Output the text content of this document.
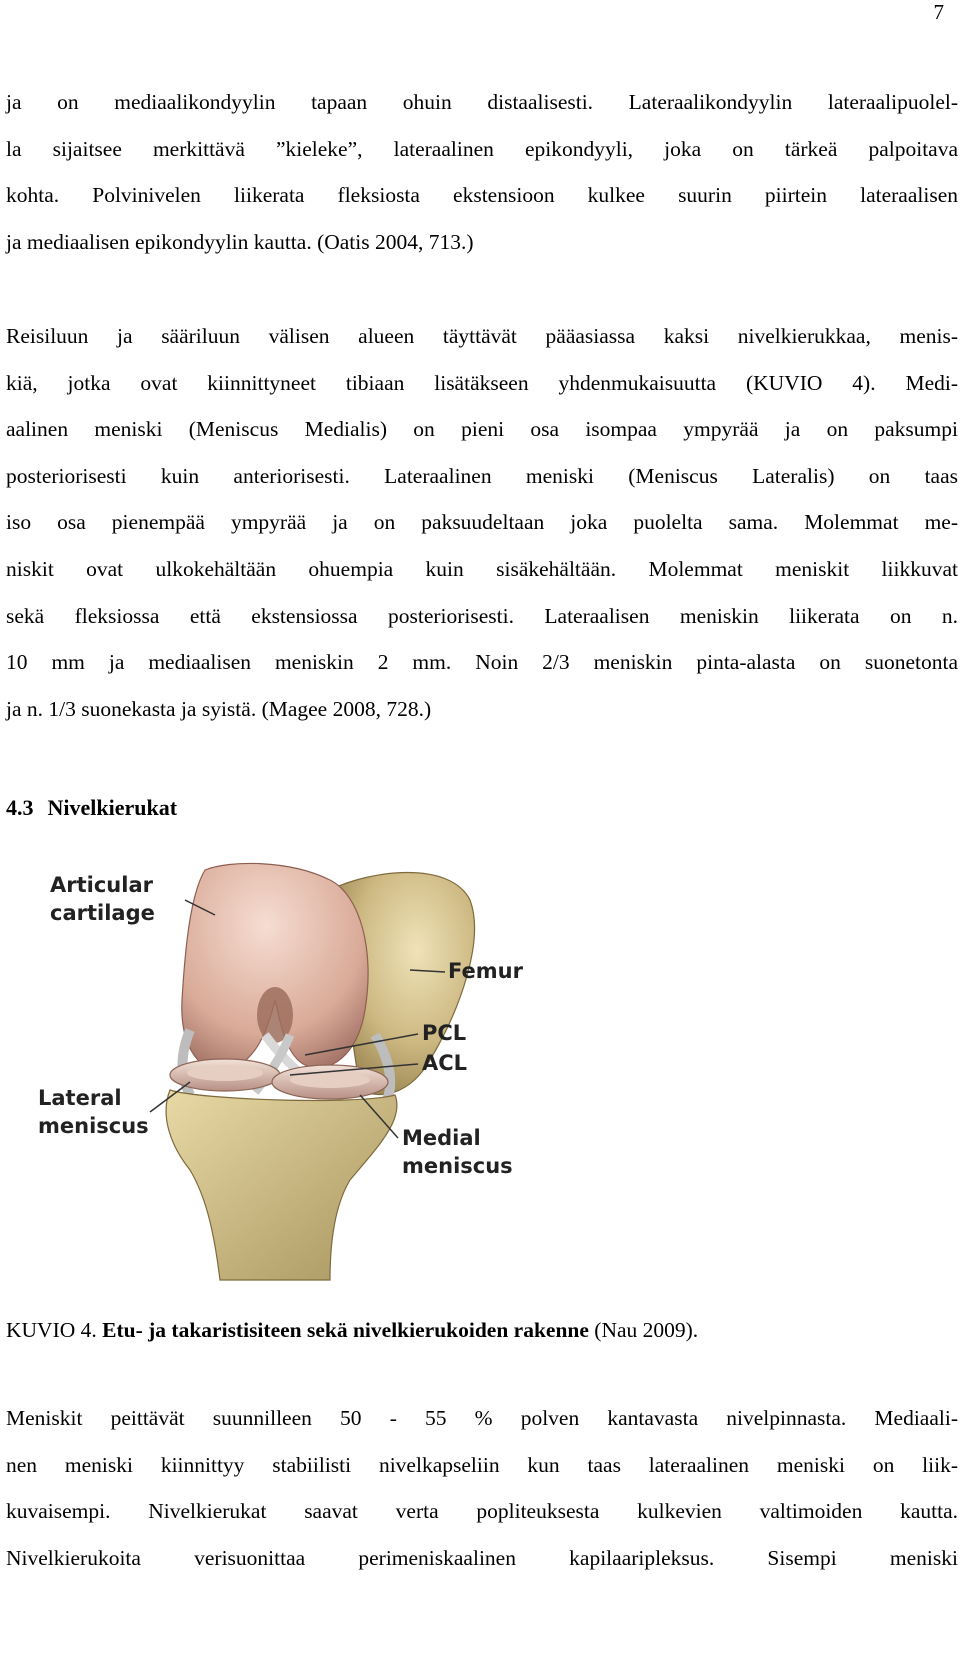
7
ja on mediaalikondyylin tapaan ohuin distaalisesti. Lateraalikondyylin lateraalipuolel-
la sijaitsee merkittävä ”kieleke”, lateraalinen epikondyyli, joka on tärkeä palpoitava
kohta. Polvinivelen liikerata fleksiosta ekstensioon kulkee suurin piirtein lateraalisen
ja mediaalisen epikondyylin kautta. (Oatis 2004, 713.)
Reisiluun ja sääriluun välisen alueen täyttävät pääasiassa kaksi nivelkierukkaa, menis-
kiä, jotka ovat kiinnittyneet tibiaan lisätäkseen yhdenmukaisuutta (KUVIO 4). Medi-
aalinen meniski (Meniscus Medialis) on pieni osa isompaa ympyrää ja on paksumpi
posteriorisesti kuin anteriorisesti. Lateraalinen meniski (Meniscus Lateralis) on taas
iso osa pienempää ympyrää ja on paksuudeltaan joka puolelta sama. Molemmat me-
niskit ovat ulkokehältään ohuempia kuin sisäkehältään. Molemmat meniskit liikkuvat
sekä fleksiossa että ekstensiossa posteriorisesti. Lateraalisen meniskin liikerata on n.
10 mm ja mediaalisen meniskin 2 mm. Noin 2/3 meniskin pinta-alasta on suonetonta
ja n. 1/3 suonekasta ja syistä. (Magee 2008, 728.)
4.3 Nivelkierukat
Articular
cartilage
Femur
PCL
ACL
Lateral
meniscus	Medial
meniscus

KUVIO 4. Etu- ja takaristisiteen sekä nivelkierukoiden rakenne (Nau 2009).

Meniskit peittävät suunnilleen 50 - 55 % polven kantavasta nivelpinnasta. Mediaali-
nen meniski kiinnittyy stabiilisti nivelkapseliin kun taas lateraalinen meniski on liik-
kuvaisempi. Nivelkierukat saavat verta popliteuksesta kulkevien valtimoiden kautta.
Nivelkierukoita verisuonittaa perimeniskaalinen kapilaaripleksus. Sisempi meniski
